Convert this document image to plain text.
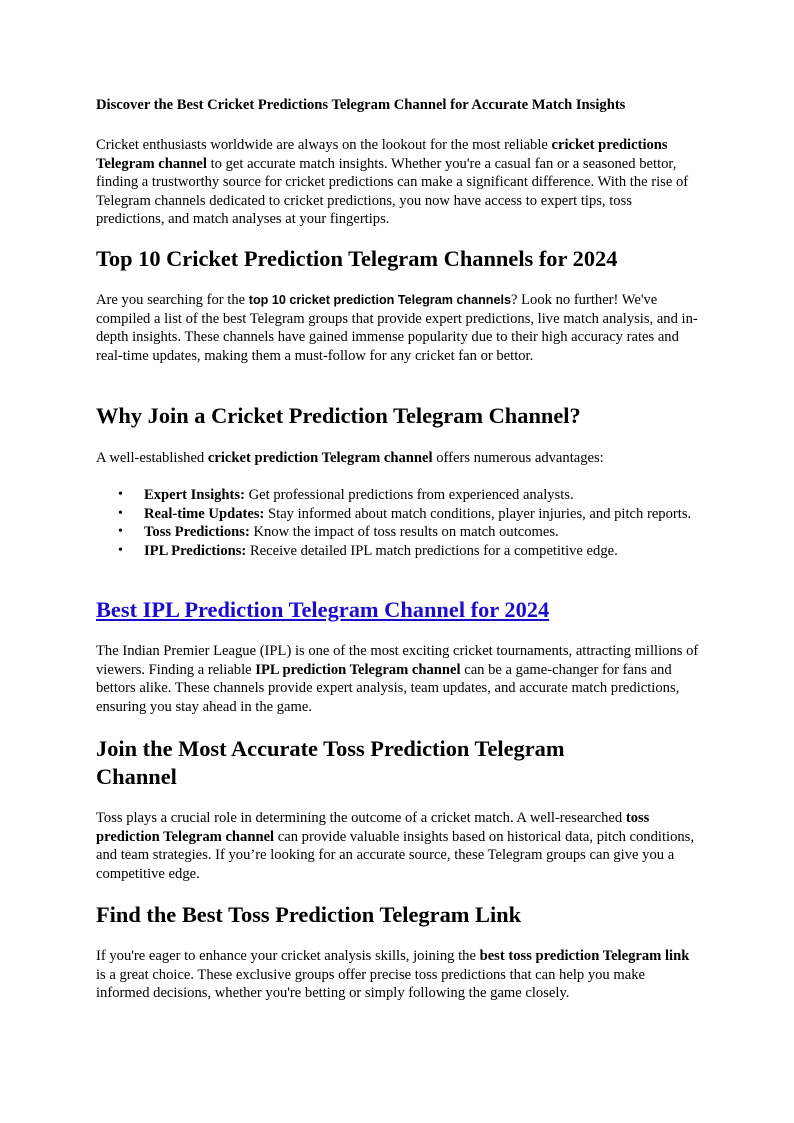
Discover the Best Cricket Predictions Telegram Channel for Accurate Match Insights

Cricket enthusiasts worldwide are always on the lookout for the most reliable cricket predictions Telegram channel to get accurate match insights. Whether you're a casual fan or a seasoned bettor, finding a trustworthy source for cricket predictions can make a significant difference. With the rise of Telegram channels dedicated to cricket predictions, you now have access to expert tips, toss predictions, and match analyses at your fingertips.

Top 10 Cricket Prediction Telegram Channels for 2024

Are you searching for the top 10 cricket prediction Telegram channels? Look no further! We've compiled a list of the best Telegram groups that provide expert predictions, live match analysis, and in-depth insights. These channels have gained immense popularity due to their high accuracy rates and real-time updates, making them a must-follow for any cricket fan or bettor.

Why Join a Cricket Prediction Telegram Channel?

A well-established cricket prediction Telegram channel offers numerous advantages:

• Expert Insights: Get professional predictions from experienced analysts.
• Real-time Updates: Stay informed about match conditions, player injuries, and pitch reports.
• Toss Predictions: Know the impact of toss results on match outcomes.
• IPL Predictions: Receive detailed IPL match predictions for a competitive edge.
Best IPL Prediction Telegram Channel for 2024

The Indian Premier League (IPL) is one of the most exciting cricket tournaments, attracting millions of viewers. Finding a reliable IPL prediction Telegram channel can be a game-changer for fans and bettors alike. These channels provide expert analysis, team updates, and accurate match predictions, ensuring you stay ahead in the game.

Join the Most Accurate Toss Prediction Telegram Channel

Toss plays a crucial role in determining the outcome of a cricket match. A well-researched toss prediction Telegram channel can provide valuable insights based on historical data, pitch conditions, and team strategies. If you’re looking for an accurate source, these Telegram groups can give you a competitive edge.

Find the Best Toss Prediction Telegram Link

If you're eager to enhance your cricket analysis skills, joining the best toss prediction Telegram link is a great choice. These exclusive groups offer precise toss predictions that can help you make informed decisions, whether you're betting or simply following the game closely.
